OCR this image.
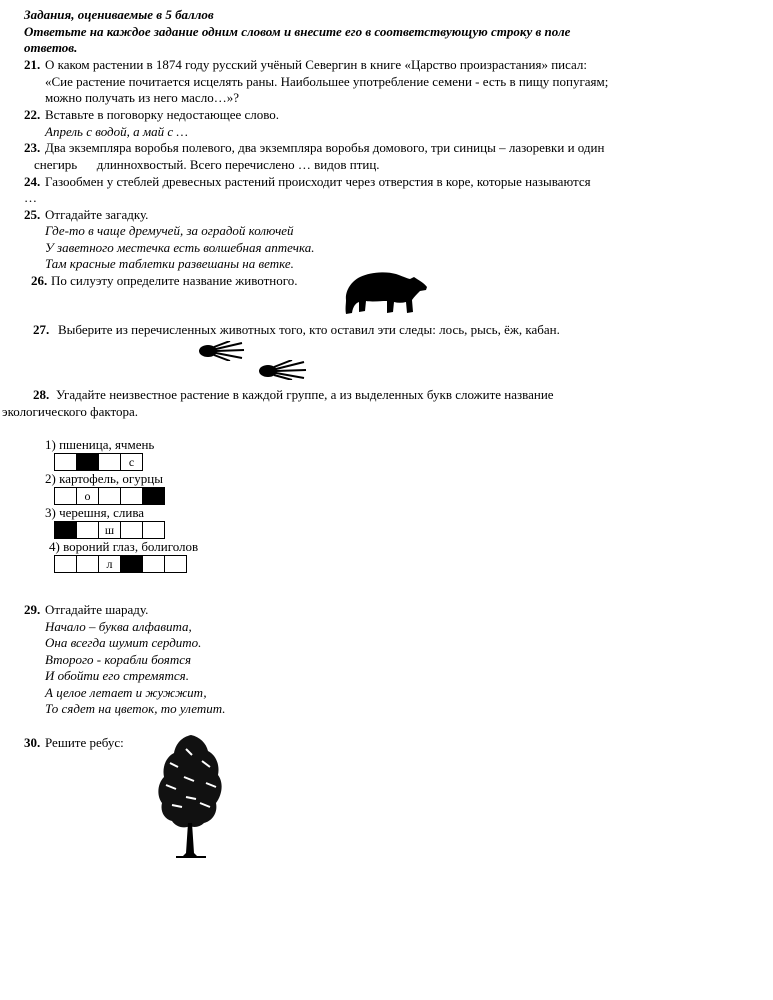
Задания, оцениваемые в 5 баллов
Ответьте на каждое задание одним словом и внесите его в соответствующую строку в поле
ответов.
21. О каком растении в 1874 году русский учёный Севергин в книге «Царство произрастания» писал:
«Сие растение почитается исцелять раны. Наибольшее употребление семени - есть в пищу попугаям;
можно получать из него масло…»?
22. Вставьте в поговорку недостающее слово.
Апрель с водой, а май с …
23. Два экземпляра воробья полевого, два экземпляра воробья домового, три синицы – лазоревки и один
снегирь      длиннохвостый. Всего перечислено … видов птиц.
24. Газообмен у стеблей древесных растений происходит через отверстия в коре, которые называются
…
25. Отгадайте загадку.
Где-то в чаще дремучей, за оградой колючей
У заветного местечка есть волшебная аптечка.
Там красные таблетки развешаны на ветке.
26. По силуэту определите название животного.
27. Выберите из перечисленных животных того, кто оставил эти следы: лось, рысь, ёж, кабан.
28. Угадайте неизвестное растение в каждой группе, а из выделенных букв сложите название
экологического фактора.
1) пшеница, ячмень
с
2) картофель, огурцы
о
3) черешня, слива
ш
4) вороний глаз, болиголов
л
29. Отгадайте шараду.
Начало – буква алфавита,
Она всегда шумит сердито.
Второго - корабли боятся
И обойти его стремятся.
А целое летает и жужжит,
То сядет на цветок, то улетит.
30. Решите ребус:
